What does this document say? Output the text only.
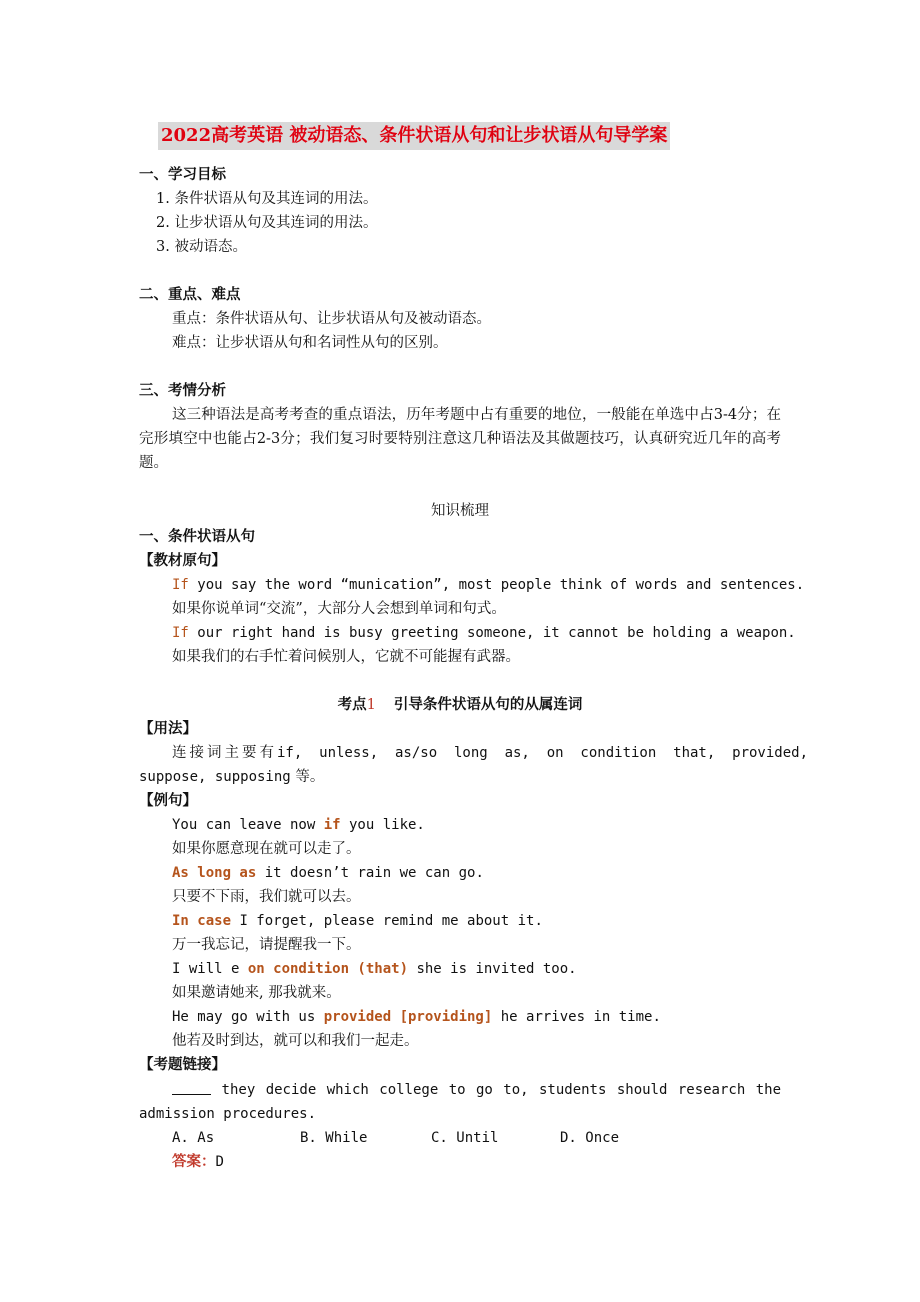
2022高考英语 被动语态、条件状语从句和让步状语从句导学案
一、学习目标
1. 条件状语从句及其连词的用法。
2. 让步状语从句及其连词的用法。
3. 被动语态。
二、重点、难点
重点：条件状语从句、让步状语从句及被动语态。
难点：让步状语从句和名词性从句的区别。
三、考情分析
这三种语法是高考考查的重点语法，历年考题中占有重要的地位，一般能在单选中占3-4分；在完形填空中也能占2-3分；我们复习时要特别注意这几种语法及其做题技巧，认真研究近几年的高考题。
知识梳理
一、条件状语从句
【教材原句】
If you say the word “munication”, most people think of words and sentences.
如果你说单词“交流”，大部分人会想到单词和句式。
If our right hand is busy greeting someone, it cannot be holding a weapon.
如果我们的右手忙着问候别人，它就不可能握有武器。
考点1 引导条件状语从句的从属连词
【用法】
连接词主要有 if,  unless,  as/so  long  as,  on  condition  that,  provided,
suppose, supposing 等。
【例句】
You can leave now if you like.
如果你愿意现在就可以走了。
As long as it doesn’t rain we can go.
只要不下雨，我们就可以去。
In case I forget, please remind me about it.
万一我忘记，请提醒我一下。
I will e on condition (that) she is invited too.
如果邀请她来, 那我就来。
He may go with us provided [providing] he arrives in time.
他若及时到达，就可以和我们一起走。
【考题链接】
they decide which college to go to, students should research the
admission procedures.
A. As	B. While	C. Until	D. Once
答案：D
